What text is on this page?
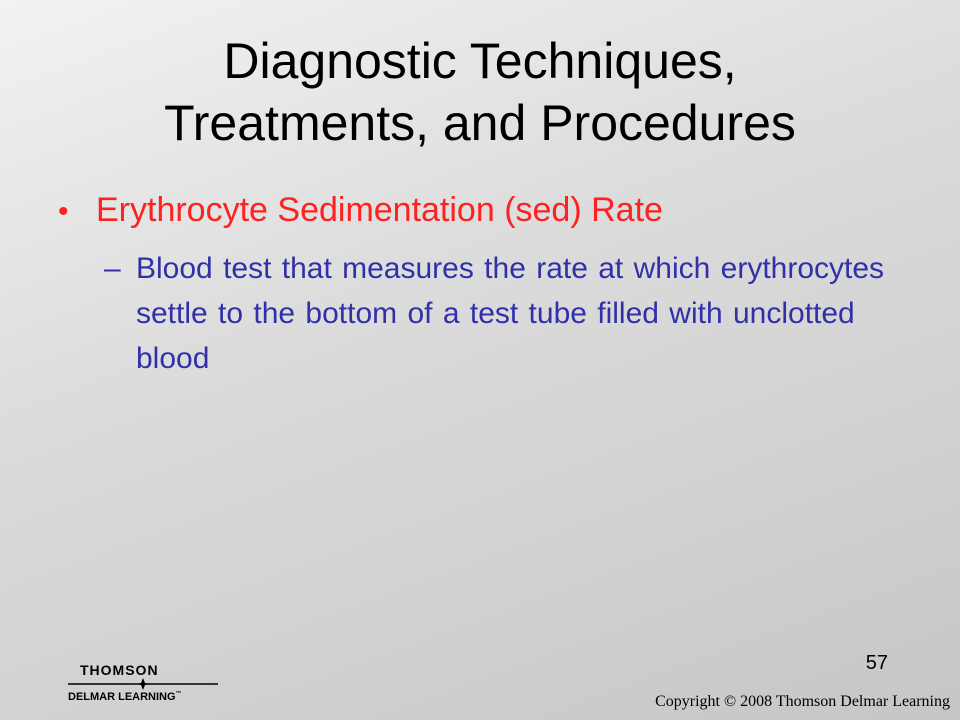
Diagnostic Techniques,
Treatments, and Procedures
• Erythrocyte Sedimentation (sed) Rate
– Blood test that measures the rate at which erythrocytes settle to the bottom of a test tube filled with unclotted blood
57
THOMSON
DELMAR LEARNING™	Copyright © 2008 Thomson Delmar Learning
